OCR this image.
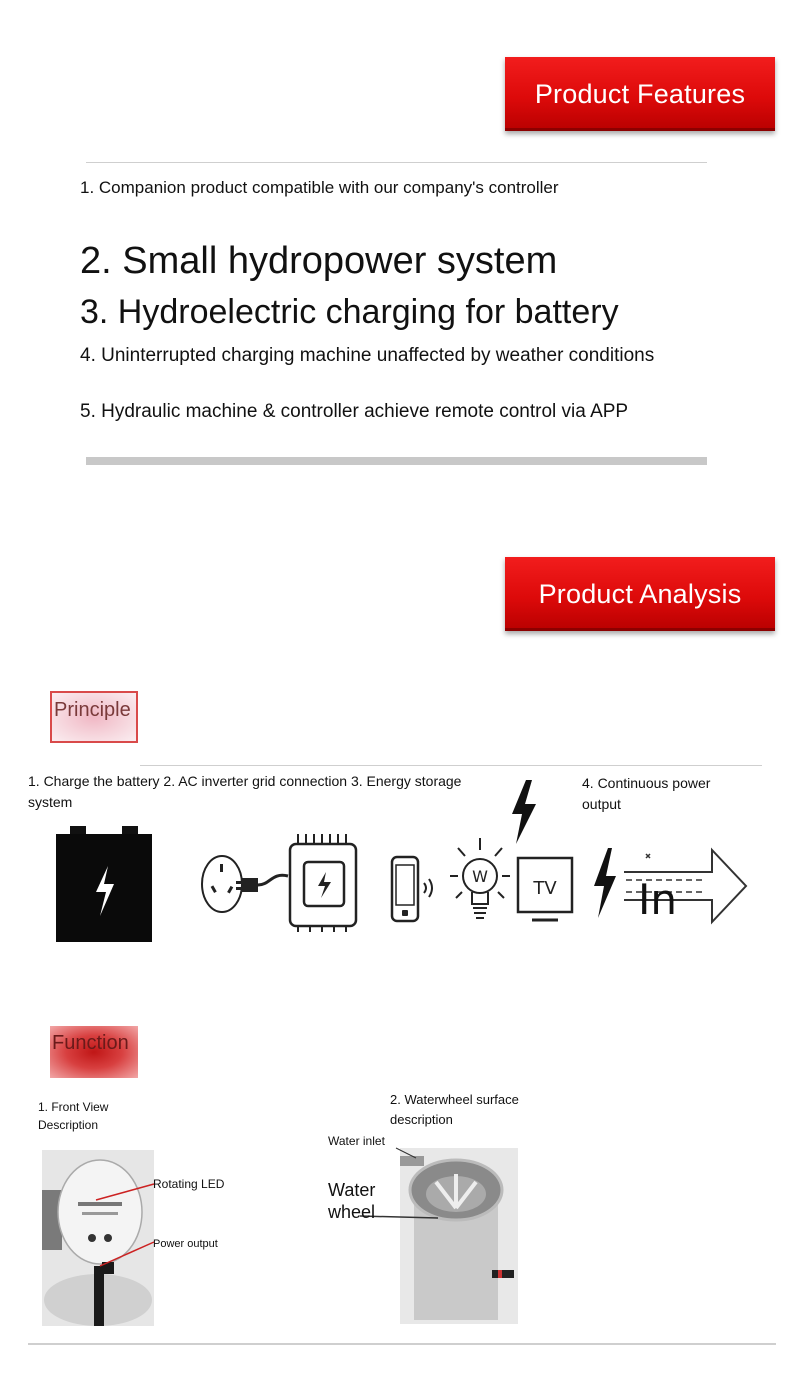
Product Features
1. Companion product compatible with our company's controller
2. Small hydropower system
3. Hydroelectric charging for battery
4. Uninterrupted charging machine unaffected by weather conditions
5. Hydraulic machine & controller achieve remote control via APP
Product Analysis
Principle
1. Charge the battery 2. AC inverter grid connection 3. Energy storage system
4. Continuous power output
W
TV In
Function
1. Front View Description
2. Waterwheel surface description
Rotating LED
Power output
Water inlet
Water wheel
